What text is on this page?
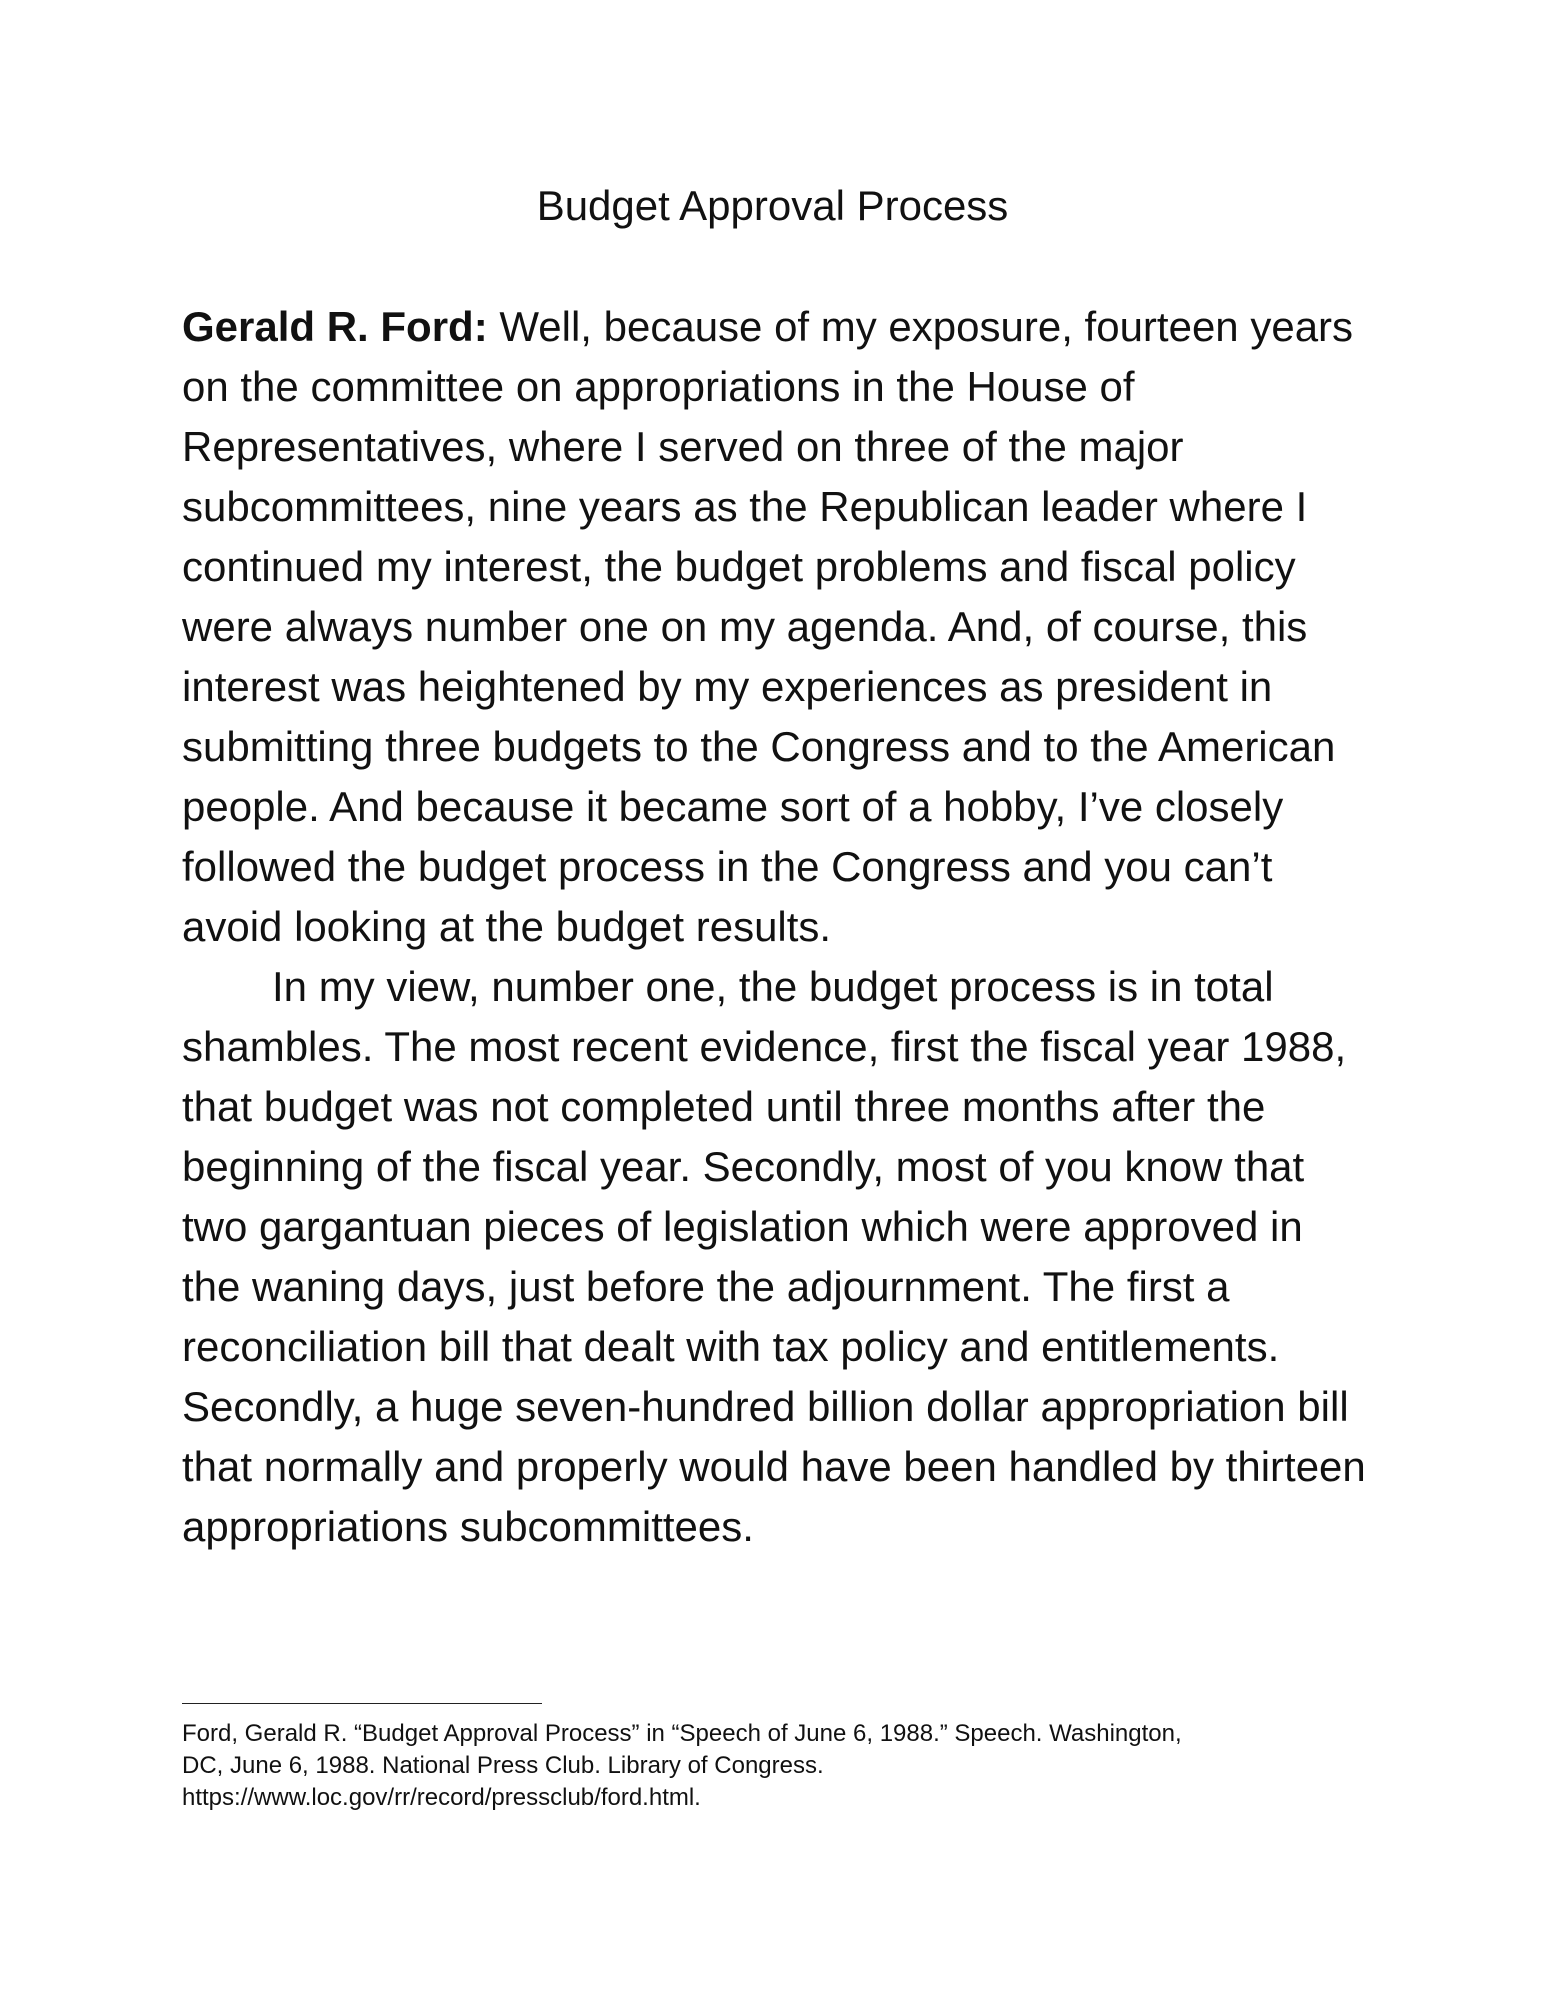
Budget Approval Process

Gerald R. Ford: Well, because of my exposure, fourteen years on the committee on appropriations in the House of Representatives, where I served on three of the major subcommittees, nine years as the Republican leader where I continued my interest, the budget problems and fiscal policy were always number one on my agenda. And, of course, this interest was heightened by my experiences as president in submitting three budgets to the Congress and to the American people. And because it became sort of a hobby, I’ve closely followed the budget process in the Congress and you can’t avoid looking at the budget results.

In my view, number one, the budget process is in total shambles. The most recent evidence, first the fiscal year 1988, that budget was not completed until three months after the beginning of the fiscal year. Secondly, most of you know that two gargantuan pieces of legislation which were approved in the waning days, just before the adjournment. The first a reconciliation bill that dealt with tax policy and entitlements. Secondly, a huge seven-hundred billion dollar appropriation bill that normally and properly would have been handled by thirteen appropriations subcommittees.

Ford, Gerald R. “Budget Approval Process” in “Speech of June 6, 1988.” Speech. Washington,
DC, June 6, 1988. National Press Club. Library of Congress.
https://www.loc.gov/rr/record/pressclub/ford.html.
